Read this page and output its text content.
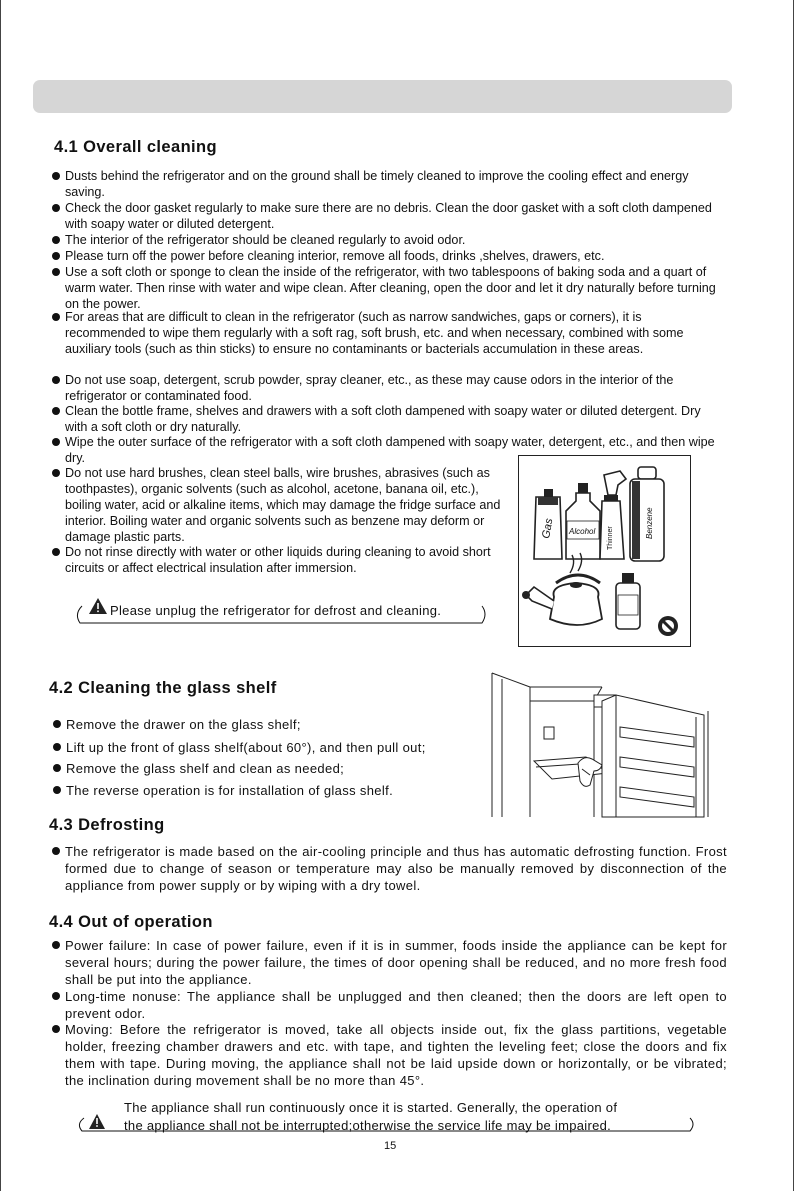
4.1 Overall cleaning
Dusts behind the refrigerator and on the ground shall be timely cleaned to improve the cooling effect and energy saving.
Check the door gasket regularly to make sure there are no debris. Clean the door gasket with a soft cloth dampened with soapy water or diluted detergent.
The interior of the refrigerator should be cleaned regularly to avoid odor.
Please turn off the power before cleaning interior, remove all foods, drinks ,shelves, drawers, etc.
Use a soft cloth or sponge to clean the inside of the refrigerator, with two tablespoons of baking soda and a quart of warm water. Then rinse with water and wipe clean. After cleaning, open the door and let it dry naturally before turning on the power.
For areas that are difficult to clean in the refrigerator (such as narrow sandwiches, gaps or corners), it is recommended to wipe them regularly with a soft rag, soft brush, etc. and when necessary, combined with some auxiliary tools (such as thin sticks) to ensure no contaminants or bacterials accumulation in these areas.
Do not use soap, detergent, scrub powder, spray cleaner, etc., as these may cause odors in the interior of the refrigerator or contaminated food.
Clean the bottle frame, shelves and drawers with a soft cloth dampened with soapy water or diluted detergent. Dry with a soft cloth or dry naturally.
Wipe the outer surface of the refrigerator with a soft cloth dampened with soapy water, detergent, etc., and then wipe dry.
Do not use hard brushes, clean steel balls, wire brushes, abrasives (such as toothpastes), organic solvents (such as alcohol, acetone, banana oil, etc.), boiling water, acid or alkaline items, which may damage the fridge surface and interior. Boiling water and organic solvents such as benzene may deform or damage plastic parts.
Do not rinse directly with water or other liquids during cleaning to avoid short circuits or affect electrical insulation after immersion.
Please unplug the refrigerator for defrost and cleaning.
Gas Alcohol Thinner	Benzene
4.2 Cleaning the glass shelf
Remove the drawer on the glass shelf;
Lift up the front of glass shelf(about 60°), and then pull out;
Remove the glass shelf and clean as needed;
The reverse operation is for installation of glass shelf.
4.3 Defrosting
The refrigerator is made based on the air-cooling principle and thus has automatic defrosting function. Frost formed due to change of season or temperature may also be manually removed by disconnection of the appliance from power supply or by wiping with a dry towel.
4.4 Out of operation
Power failure: In case of power failure, even if it is in summer, foods inside the appliance can be kept for several hours; during the power failure, the times of door opening shall be reduced, and no more fresh food shall be put into the appliance.
Long-time nonuse: The appliance shall be unplugged and then cleaned; then the doors are left open to prevent odor.
Moving: Before the refrigerator is moved, take all objects inside out, fix the glass partitions, vegetable holder, freezing chamber drawers and etc. with tape, and tighten the leveling feet; close the doors and fix them with tape. During moving, the appliance shall not be laid upside down or horizontally, or be vibrated; the inclination during movement shall be no more than 45°.
The appliance shall run continuously once it is started. Generally, the operation of
the appliance shall not be interrupted;otherwise the service life may be impaired.
15
